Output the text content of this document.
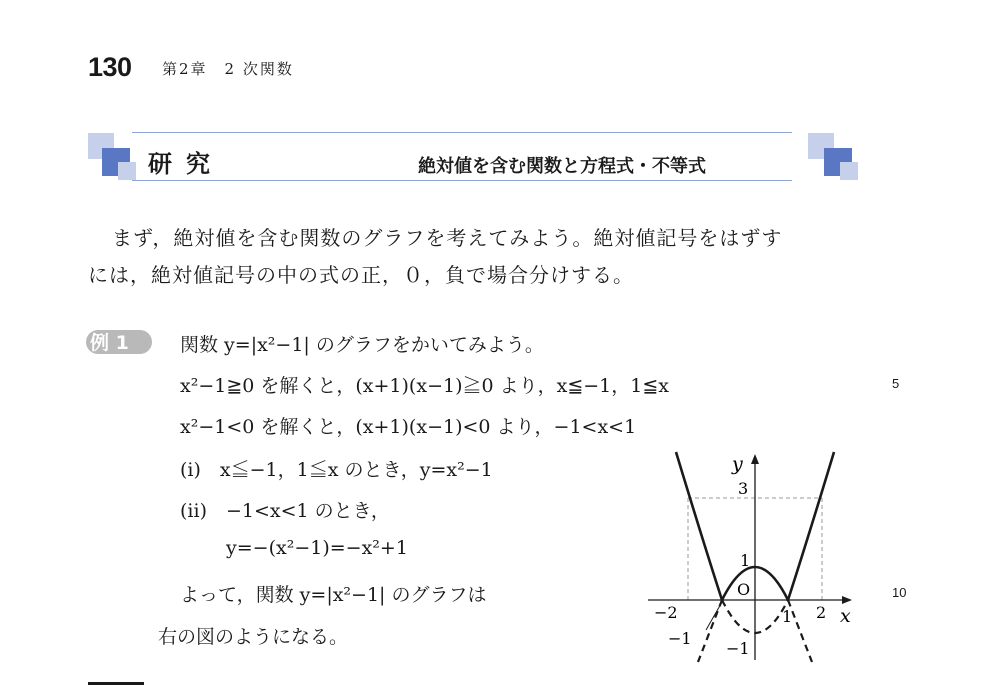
130 第2章　2 次関数
研究	絶対値を含む関数と方程式・不等式
まず，絶対値を含む関数のグラフを考えてみよう。絶対値記号をはずす
には，絶対値記号の中の式の正，０，負で場合分けする。
例 1	関数 y=|x²−1| のグラフをかいてみよう。
x²−1≧0 を解くと，(x+1)(x−1)≧0 より，x≦−1，1≦x
x²−1<0 を解くと，(x+1)(x−1)<0 より，−1<x<1
(i)　x≦−1，1≦x のとき，y=x²−1
(ii)　−1<x<1 のとき，
y=−(x²−1)=−x²+1
よって，関数 y=|x²−1| のグラフは
右の図のようになる。
5
10
y
x
3
1
O
−2	2
1
−1
−1
